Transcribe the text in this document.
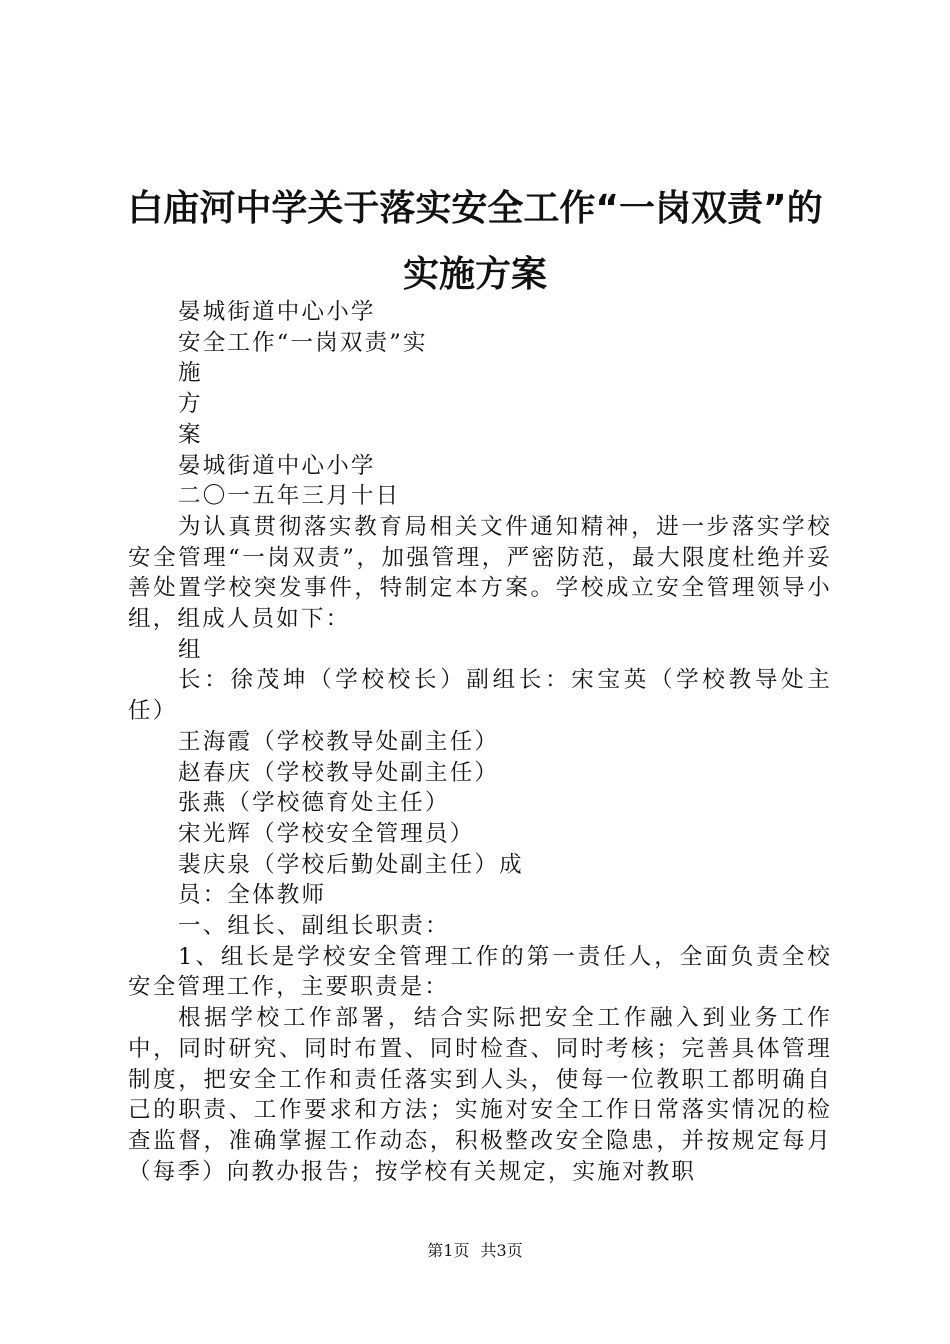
白庙河中学关于落实安全工作“一岗双责”的
实施方案

晏城街道中心小学

安全工作“一岗双责”实

施

方

案

晏城街道中心小学

二〇一五年三月十日

为认真贯彻落实教育局相关文件通知精神，进一步落实学校安全管理“一岗双责”，加强管理，严密防范，最大限度杜绝并妥善处置学校突发事件，特制定本方案。学校成立安全管理领导小组，组成人员如下：

组

长：徐茂坤（学校校长）副组长：宋宝英（学校教导处主任）

王海霞（学校教导处副主任）

赵春庆（学校教导处副主任）

张燕（学校德育处主任）

宋光辉（学校安全管理员）

裴庆泉（学校后勤处副主任）成

员：全体教师

一、组长、副组长职责：

1、组长是学校安全管理工作的第一责任人，全面负责全校安全管理工作，主要职责是：

根据学校工作部署，结合实际把安全工作融入到业务工作中，同时研究、同时布置、同时检查、同时考核；完善具体管理制度，把安全工作和责任落实到人头，使每一位教职工都明确自己的职责、工作要求和方法；实施对安全工作日常落实情况的检查监督，准确掌握工作动态，积极整改安全隐患，并按规定每月（每季）向教办报告；按学校有关规定，实施对教职

第1页 共3页
